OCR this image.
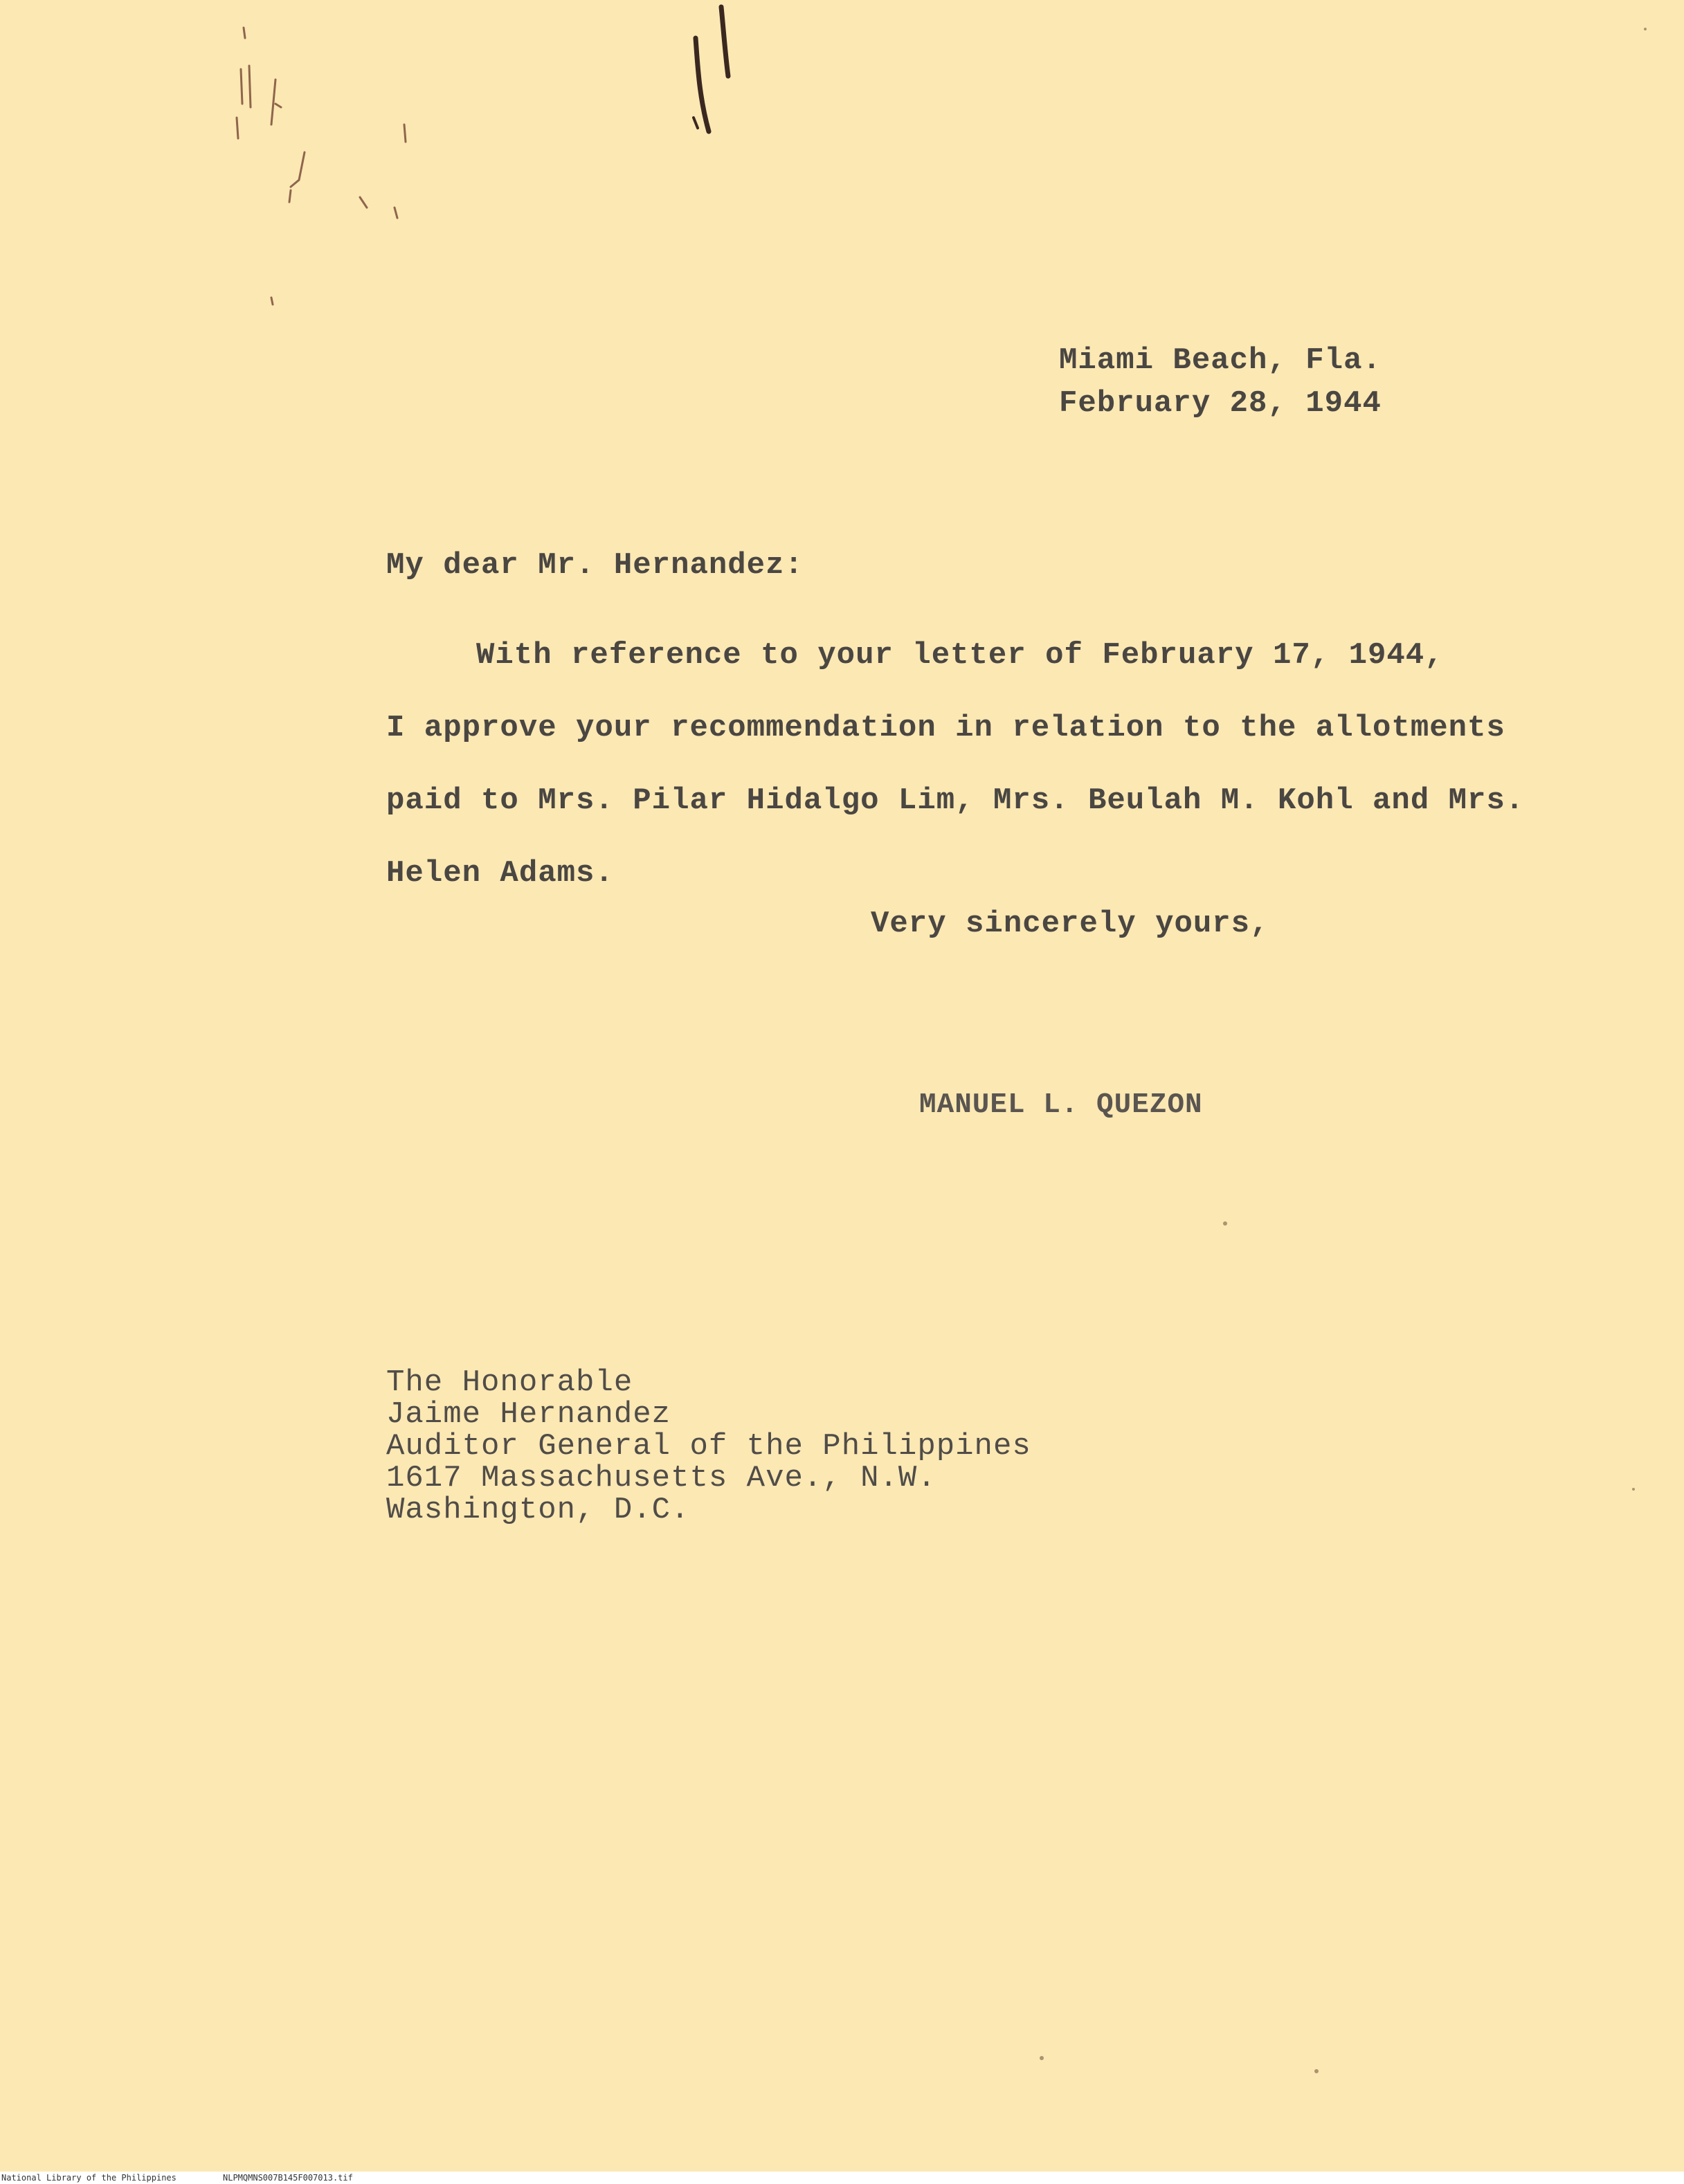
Miami Beach, Fla.
February 28, 1944
My dear Mr. Hernandez:
With reference to your letter of February 17, 1944,
I approve your recommendation in relation to the allotments
paid to Mrs. Pilar Hidalgo Lim, Mrs. Beulah M. Kohl and Mrs.
Helen Adams.
Very sincerely yours,
MANUEL L. QUEZON
The Honorable
Jaime Hernandez
Auditor General of the Philippines
1617 Massachusetts Ave., N.W.
Washington, D.C.
National Library of the Philippines	NLPMQMNS007B145F007013.tif
